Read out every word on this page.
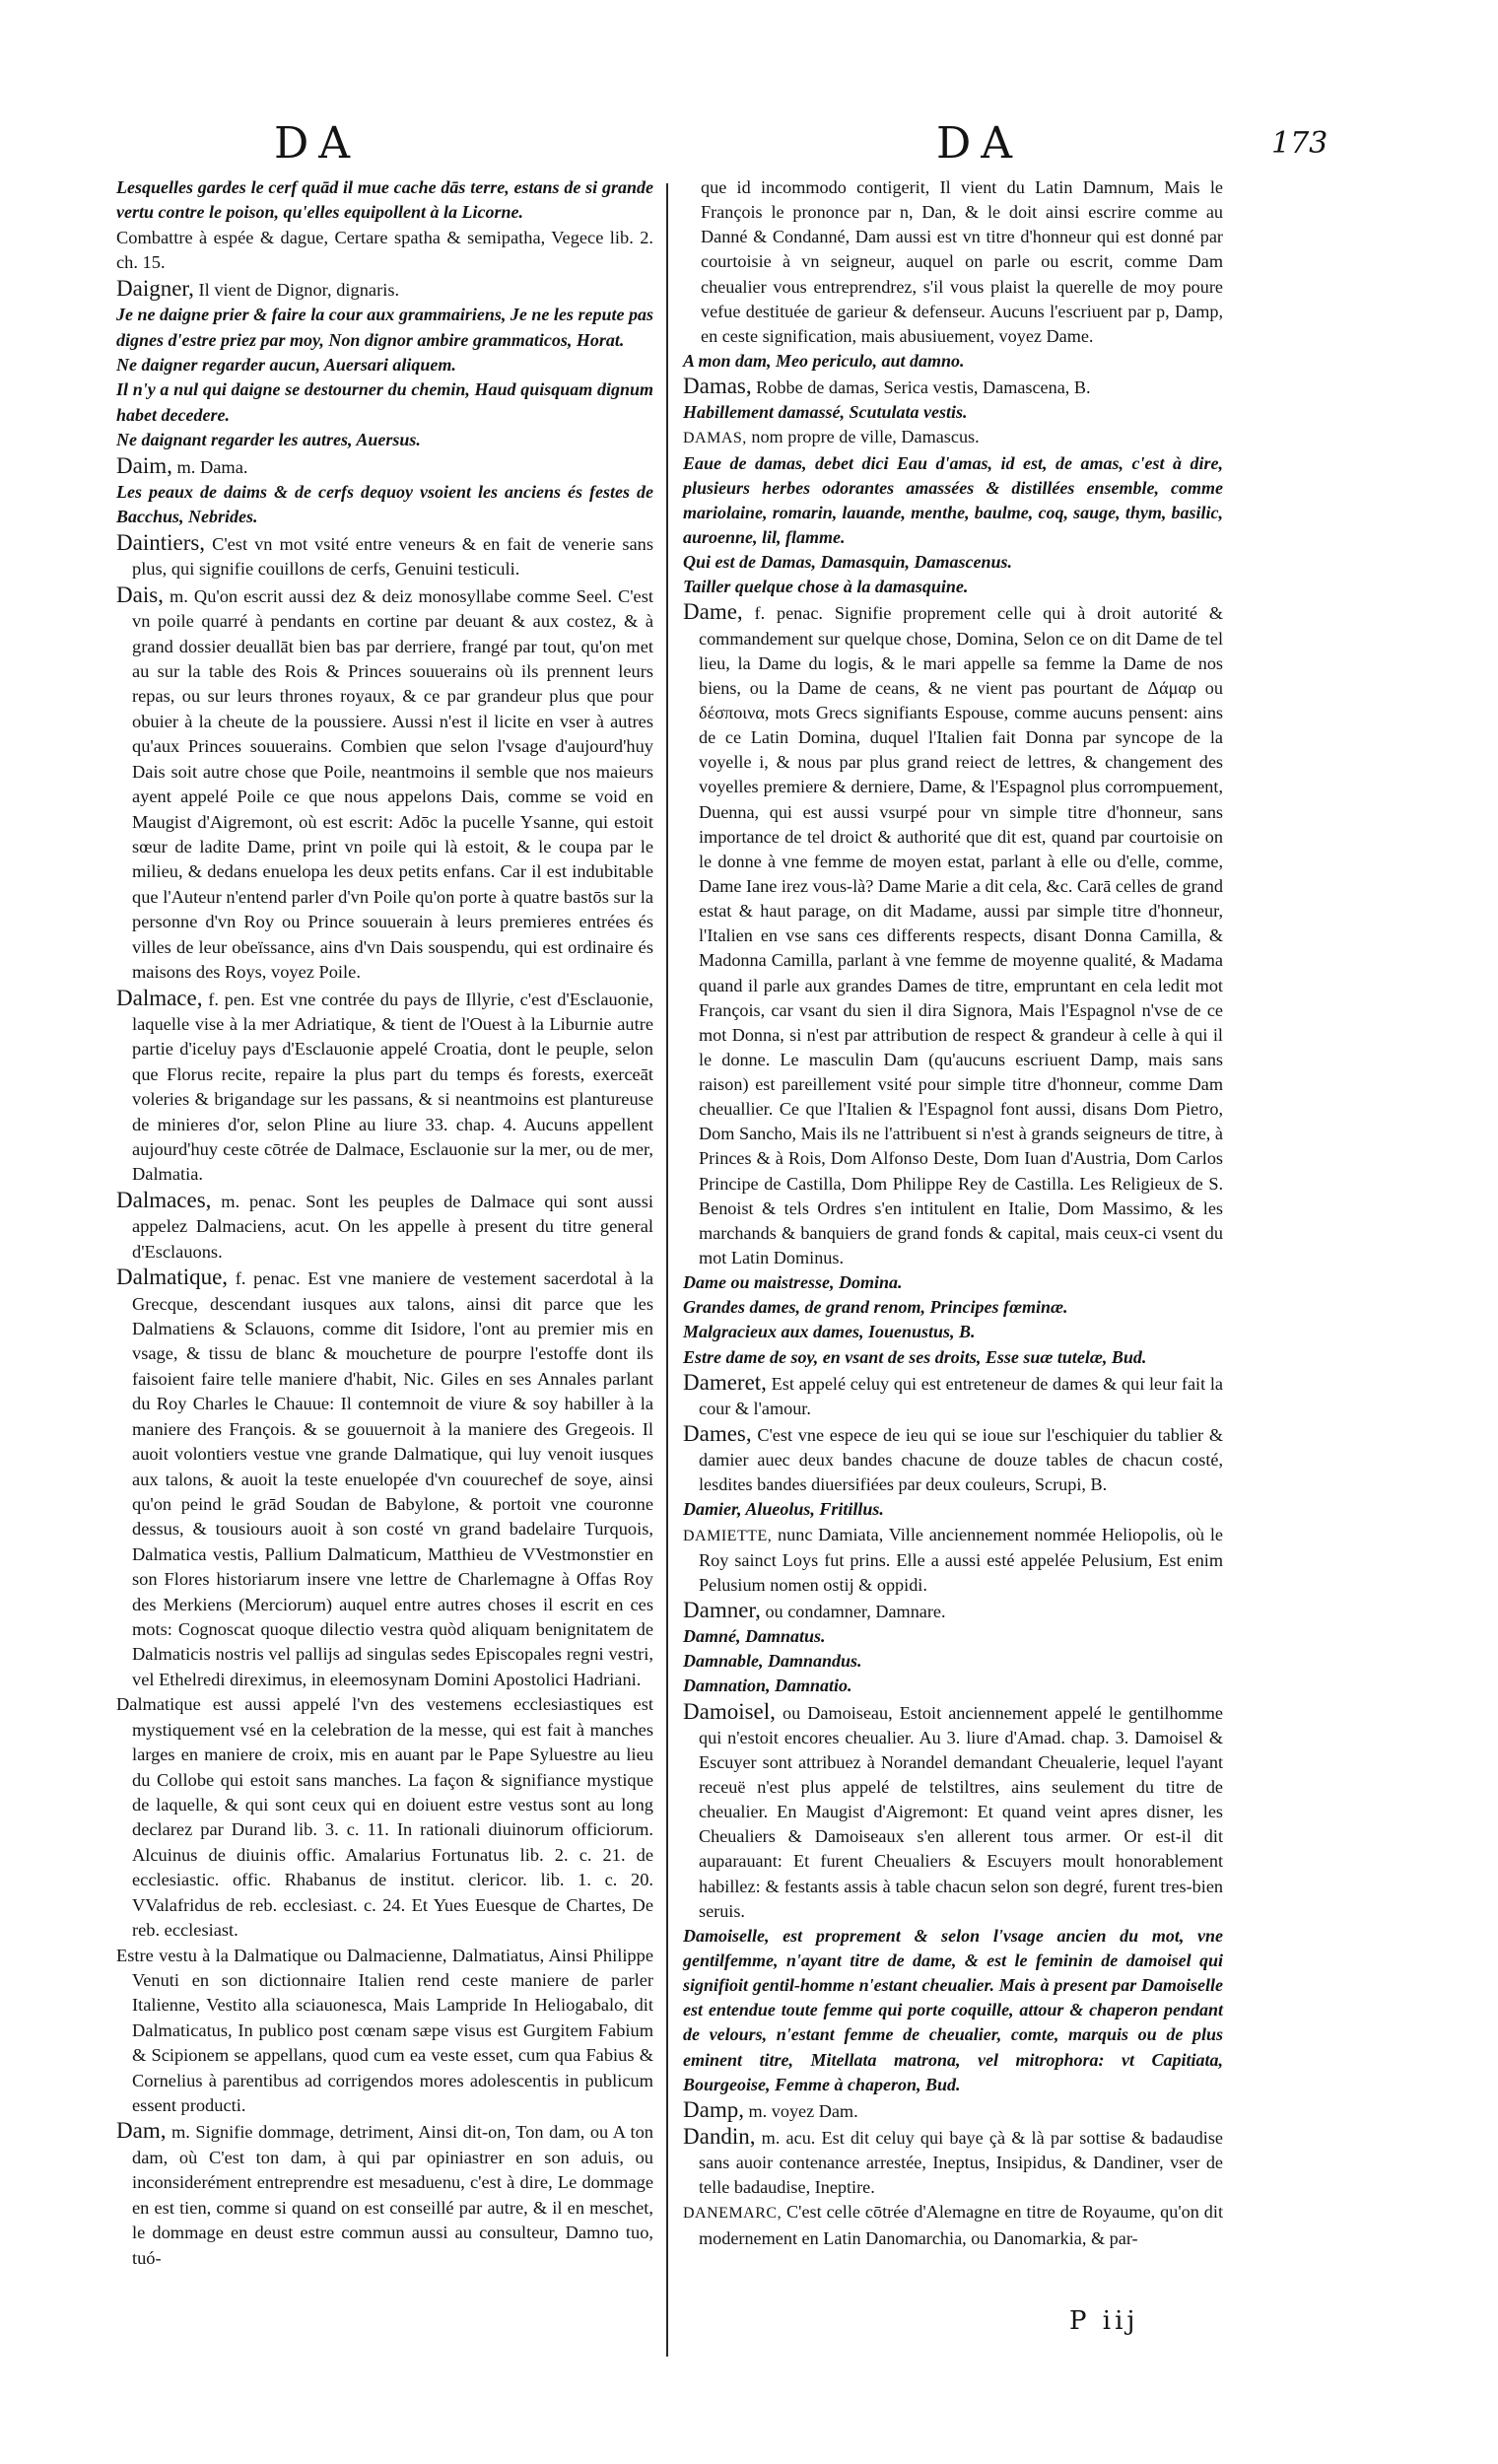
DA	DA	173

Lesquelles gardes le cerf quād il mue cache dās terre, estans de si grande vertu contre le poison, qu'elles equipollent à la Licorne.

Combattre à espée & dague, Certare spatha & semipatha, Vegece lib. 2. ch. 15.

Daigner, Il vient de Dignor, dignaris.

Je ne daigne prier & faire la cour aux grammairiens, Je ne les repute pas dignes d'estre priez par moy, Non dignor ambire grammaticos, Horat.

Ne daigner regarder aucun, Auersari aliquem.

Il n'y a nul qui daigne se destourner du chemin, Haud quisquam dignum habet decedere.

Ne daignant regarder les autres, Auersus.

Daim, m. Dama.

Les peaux de daims & de cerfs dequoy vsoient les anciens és festes de Bacchus, Nebrides.

Daintiers, C'est vn mot vsité entre veneurs & en fait de venerie sans plus, qui signifie couillons de cerfs, Genuini testiculi.

Dais, m. Qu'on escrit aussi dez & deiz monosyllabe comme Seel. C'est vn poile quarré à pendants en cortine par deuant & aux costez, & à grand dossier deuallāt bien bas par derriere, frangé par tout, qu'on met au sur la table des Rois & Princes souuerains où ils prennent leurs repas, ou sur leurs thrones royaux, & ce par grandeur plus que pour obuier à la cheute de la poussiere. Aussi n'est il licite en vser à autres qu'aux Princes souuerains. Combien que selon l'vsage d'aujourd'huy Dais soit autre chose que Poile, neantmoins il semble que nos maieurs ayent appelé Poile ce que nous appelons Dais, comme se void en Maugist d'Aigremont, où est escrit: Adōc la pucelle Ysanne, qui estoit sœur de ladite Dame, print vn poile qui là estoit, & le coupa par le milieu, & dedans enuelopa les deux petits enfans. Car il est indubitable que l'Auteur n'entend parler d'vn Poile qu'on porte à quatre bastōs sur la personne d'vn Roy ou Prince souuerain à leurs premieres entrées és villes de leur obeïssance, ains d'vn Dais souspendu, qui est ordinaire és maisons des Roys, voyez Poile.

Dalmace, f. pen. Est vne contrée du pays de Illyrie, c'est d'Esclauonie, laquelle vise à la mer Adriatique, & tient de l'Ouest à la Liburnie autre partie d'iceluy pays d'Esclauonie appelé Croatia, dont le peuple, selon que Florus recite, repaire la plus part du temps és forests, exerceāt voleries & brigandage sur les passans, & si neantmoins est plantureuse de minieres d'or, selon Pline au liure 33. chap. 4. Aucuns appellent aujourd'huy ceste cōtrée de Dalmace, Esclauonie sur la mer, ou de mer, Dalmatia.

Dalmaces, m. penac. Sont les peuples de Dalmace qui sont aussi appelez Dalmaciens, acut. On les appelle à present du titre general d'Esclauons.

Dalmatique, f. penac. Est vne maniere de vestement sacerdotal à la Grecque, descendant iusques aux talons, ainsi dit parce que les Dalmatiens & Sclauons, comme dit Isidore, l'ont au premier mis en vsage, & tissu de blanc & moucheture de pourpre l'estoffe dont ils faisoient faire telle maniere d'habit, Nic. Giles en ses Annales parlant du Roy Charles le Chauue: Il contemnoit de viure & soy habiller à la maniere des François. & se gouuernoit à la maniere des Gregeois. Il auoit volontiers vestue vne grande Dalmatique, qui luy venoit iusques aux talons, & auoit la teste enuelopée d'vn couurechef de soye, ainsi qu'on peind le grād Soudan de Babylone, & portoit vne couronne dessus, & tousiours auoit à son costé vn grand badelaire Turquois, Dalmatica vestis, Pallium Dalmaticum, Matthieu de VVestmonstier en son Flores historiarum insere vne lettre de Charlemagne à Offas Roy des Merkiens (Merciorum) auquel entre autres choses il escrit en ces mots: Cognoscat quoque dilectio vestra quòd aliquam benignitatem de Dalmaticis nostris vel pallijs ad singulas sedes Episcopales regni vestri, vel Ethelredi direximus, in eleemosynam Domini Apostolici Hadriani.

Dalmatique est aussi appelé l'vn des vestemens ecclesiastiques est mystiquement vsé en la celebration de la messe, qui est fait à manches larges en maniere de croix, mis en auant par le Pape Syluestre au lieu du Collobe qui estoit sans manches. La façon & signifiance mystique de laquelle, & qui sont ceux qui en doiuent estre vestus sont au long declarez par Durand lib. 3. c. 11. In rationali diuinorum officiorum. Alcuinus de diuinis offic. Amalarius Fortunatus lib. 2. c. 21. de ecclesiastic. offic. Rhabanus de institut. clericor. lib. 1. c. 20. VValafridus de reb. ecclesiast. c. 24. Et Yues Euesque de Chartes, De reb. ecclesiast.

Estre vestu à la Dalmatique ou Dalmacienne, Dalmatiatus, Ainsi Philippe Venuti en son dictionnaire Italien rend ceste maniere de parler Italienne, Vestito alla sciauonesca, Mais Lampride In Heliogabalo, dit Dalmaticatus, In publico post cœnam sæpe visus est Gurgitem Fabium & Scipionem se appellans, quod cum ea veste esset, cum qua Fabius & Cornelius à parentibus ad corrigendos mores adolescentis in publicum essent producti.

Dam, m. Signifie dommage, detriment, Ainsi dit-on, Ton dam, ou A ton dam, où C'est ton dam, à qui par opiniastrer en son aduis, ou inconsiderément entreprendre est mesaduenu, c'est à dire, Le dommage en est tien, comme si quand on est conseillé par autre, & il en meschet, le dommage en deust estre commun aussi au consulteur, Damno tuo, tuó-

que id incommodo contigerit, Il vient du Latin Damnum, Mais le François le prononce par n, Dan, & le doit ainsi escrire comme au Danné & Condanné, Dam aussi est vn titre d'honneur qui est donné par courtoisie à vn seigneur, auquel on parle ou escrit, comme Dam cheualier vous entreprendrez, s'il vous plaist la querelle de moy poure vefue destituée de garieur & defenseur. Aucuns l'escriuent par p, Damp, en ceste signification, mais abusiuement, voyez Dame.

A mon dam, Meo periculo, aut damno.

Damas, Robbe de damas, Serica vestis, Damascena, B.

Habillement damassé, Scutulata vestis.

DAMAS, nom propre de ville, Damascus.

Eaue de damas, debet dici Eau d'amas, id est, de amas, c'est à dire, plusieurs herbes odorantes amassées & distillées ensemble, comme mariolaine, romarin, lauande, menthe, baulme, coq, sauge, thym, basilic, auroenne, lil, flamme.

Qui est de Damas, Damasquin, Damascenus.

Tailler quelque chose à la damasquine.

Dame, f. penac. Signifie proprement celle qui à droit autorité & commandement sur quelque chose, Domina, Selon ce on dit Dame de tel lieu, la Dame du logis, & le mari appelle sa femme la Dame de nos biens, ou la Dame de ceans, & ne vient pas pourtant de Δάμαρ ou δέσποινα, mots Grecs signifiants Espouse, comme aucuns pensent: ains de ce Latin Domina, duquel l'Italien fait Donna par syncope de la voyelle i, & nous par plus grand reiect de lettres, & changement des voyelles premiere & derniere, Dame, & l'Espagnol plus corrompuement, Duenna, qui est aussi vsurpé pour vn simple titre d'honneur, sans importance de tel droict & authorité que dit est, quand par courtoisie on le donne à vne femme de moyen estat, parlant à elle ou d'elle, comme, Dame Iane irez vous-là? Dame Marie a dit cela, &c. Carā celles de grand estat & haut parage, on dit Madame, aussi par simple titre d'honneur, l'Italien en vse sans ces differents respects, disant Donna Camilla, & Madonna Camilla, parlant à vne femme de moyenne qualité, & Madama quand il parle aux grandes Dames de titre, empruntant en cela ledit mot François, car vsant du sien il dira Signora, Mais l'Espagnol n'vse de ce mot Donna, si n'est par attribution de respect & grandeur à celle à qui il le donne. Le masculin Dam (qu'aucuns escriuent Damp, mais sans raison) est pareillement vsité pour simple titre d'honneur, comme Dam cheuallier. Ce que l'Italien & l'Espagnol font aussi, disans Dom Pietro, Dom Sancho, Mais ils ne l'attribuent si n'est à grands seigneurs de titre, à Princes & à Rois, Dom Alfonso Deste, Dom Iuan d'Austria, Dom Carlos Principe de Castilla, Dom Philippe Rey de Castilla. Les Religieux de S. Benoist & tels Ordres s'en intitulent en Italie, Dom Massimo, & les marchands & banquiers de grand fonds & capital, mais ceux-ci vsent du mot Latin Dominus.

Dame ou maistresse, Domina.

Grandes dames, de grand renom, Principes fœminæ.

Malgracieux aux dames, Iouenustus, B.

Estre dame de soy, en vsant de ses droits, Esse suæ tutelæ, Bud.

Dameret, Est appelé celuy qui est entreteneur de dames & qui leur fait la cour & l'amour.

Dames, C'est vne espece de ieu qui se ioue sur l'eschiquier du tablier & damier auec deux bandes chacune de douze tables de chacun costé, lesdites bandes diuersifiées par deux couleurs, Scrupi, B.

Damier, Alueolus, Fritillus.

DAMIETTE, nunc Damiata, Ville anciennement nommée Heliopolis, où le Roy sainct Loys fut prins. Elle a aussi esté appelée Pelusium, Est enim Pelusium nomen ostij & oppidi.

Damner, ou condamner, Damnare.

Damné, Damnatus.

Damnable, Damnandus.

Damnation, Damnatio.

Damoisel, ou Damoiseau, Estoit anciennement appelé le gentilhomme qui n'estoit encores cheualier. Au 3. liure d'Amad. chap. 3. Damoisel & Escuyer sont attribuez à Norandel demandant Cheualerie, lequel l'ayant receuë n'est plus appelé de telstiltres, ains seulement du titre de cheualier. En Maugist d'Aigremont: Et quand veint apres disner, les Cheualiers & Damoiseaux s'en allerent tous armer. Or est-il dit auparauant: Et furent Cheualiers & Escuyers moult honorablement habillez: & festants assis à table chacun selon son degré, furent tres-bien seruis.

Damoiselle, est proprement & selon l'vsage ancien du mot, vne gentilfemme, n'ayant titre de dame, & est le feminin de damoisel qui signifioit gentil-homme n'estant cheualier. Mais à present par Damoiselle est entendue toute femme qui porte coquille, attour & chaperon pendant de velours, n'estant femme de cheualier, comte, marquis ou de plus eminent titre, Mitellata matrona, vel mitrophora: vt Capitiata, Bourgeoise, Femme à chaperon, Bud.

Damp, m. voyez Dam.

Dandin, m. acu. Est dit celuy qui baye çà & là par sottise & badaudise sans auoir contenance arrestée, Ineptus, Insipidus, & Dandiner, vser de telle badaudise, Ineptire.

DANEMARC, C'est celle cōtrée d'Alemagne en titre de Royaume, qu'on dit modernement en Latin Danomarchia, ou Danomarkia, & par-

P iij
